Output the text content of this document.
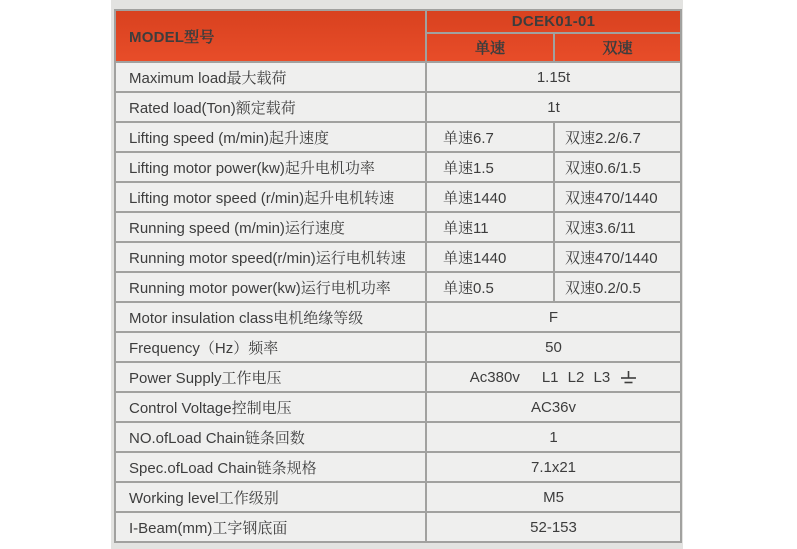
MODEL型号	DCEK01-01	
	单速	双速
Maximum load最大载荷	1.15t	
Rated load(Ton)额定载荷	1t	
Lifting speed (m/min)起升速度	单速6.7	双速2.2/6.7
Lifting motor power(kw)起升电机功率	单速1.5	双速0.6/1.5
Lifting motor speed (r/min)起升电机转速	单速1440	双速470/1440
Running speed (m/min)运行速度	单速11	双速3.6/11
Running motor speed(r/min)运行电机转速	单速1440	双速470/1440
Running motor power(kw)运行电机功率	单速0.5	双速0.2/0.5
Motor insulation class电机绝缘等级	F	
Frequency（Hz）频率	50	
Power Supply工作电压	Ac380v L1 L2 L3	

Control Voltage控制电压	AC36v	
NO.ofLoad Chain链条回数	1	
Spec.ofLoad Chain链条规格	7.1x21	
Working level工作级别	M5	
I-Beam(mm)工字钢底面	52-153	
